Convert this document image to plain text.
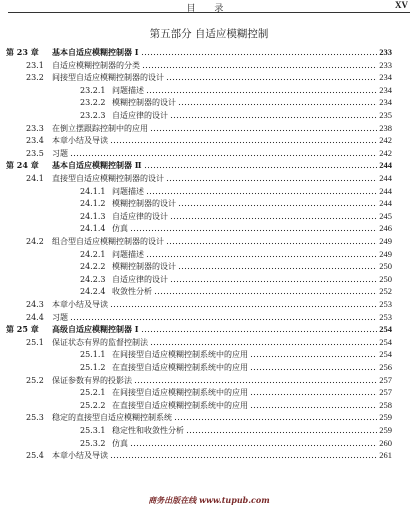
目 录	XV
第五部分 自适应模糊控制
第 23 章 基本自适应模糊控制器 Ⅰ	233
23.1 自适应模糊控制器的分类	233
23.2 间接型自适应模糊控制器的设计	234
23.2.1 问题描述	234
23.2.2 模糊控制器的设计	234
23.2.3 自适应律的设计	235
23.3 在倒立摆跟踪控制中的应用	238
23.4 本章小结及导读	242
23.5 习题	242
第 24 章 基本自适应模糊控制器 Ⅱ	244
24.1 直接型自适应模糊控制器的设计	244
24.1.1 问题描述	244
24.1.2 模糊控制器的设计	244
24.1.3 自适应律的设计	245
24.1.4 仿真	246
24.2 组合型自适应模糊控制器的设计	249
24.2.1 问题描述	249
24.2.2 模糊控制器的设计	250
24.2.3 自适应律的设计	250
24.2.4 收敛性分析	252
24.3 本章小结及导读	253
24.4 习题	253
第 25 章 高级自适应模糊控制器 Ⅰ	254
25.1 保证状态有界的监督控制法	254
25.1.1 在间接型自适应模糊控制系统中的应用	254
25.1.2 在直接型自适应模糊控制系统中的应用	256
25.2 保证参数有界的投影法	257
25.2.1 在间接型自适应模糊控制系统中的应用	257
25.2.2 在直接型自适应模糊控制系统中的应用	258
25.3 稳定的直接型自适应模糊控制系统	259
25.3.1 稳定性和收敛性分析	259
25.3.2 仿真	260
25.4 本章小结及导读	261
商务出版在线 www.tupub.com
